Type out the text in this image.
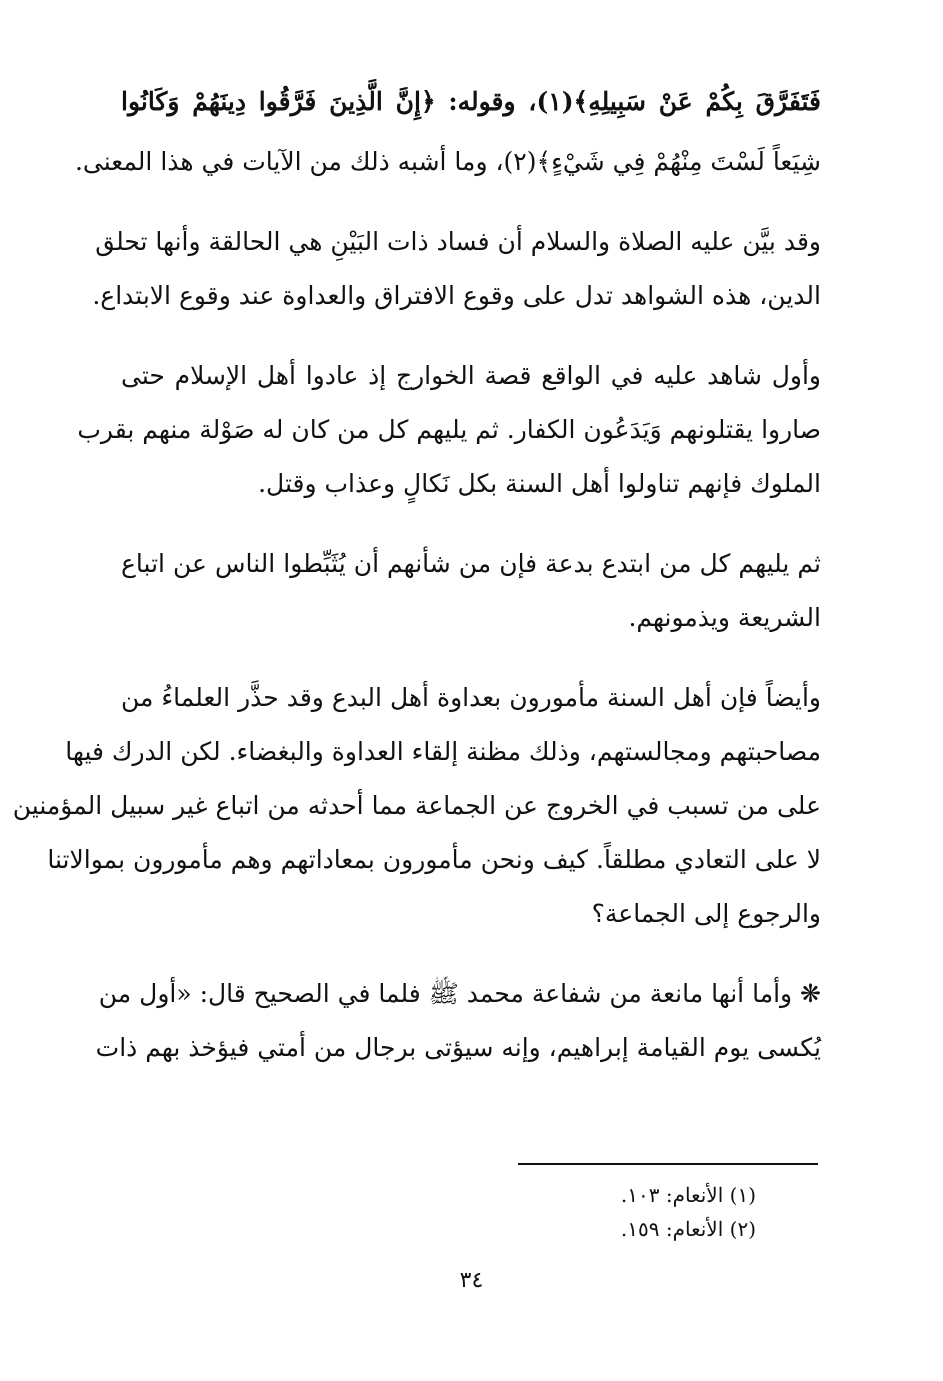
فَتَفَرَّقَ بِكُمْ عَنْ سَبِيلِهِ﴾(١)، وقوله: ﴿إِنَّ الَّذِينَ فَرَّقُوا دِينَهُمْ وَكَانُوا
شِيَعاً لَسْتَ مِنْهُمْ فِي شَيْءٍ﴾(٢)، وما أشبه ذلك من الآيات في هذا المعنى.
وقد بيَّن عليه الصلاة والسلام أن فساد ذات البَيْنِ هي الحالقة وأنها تحلق
الدين، هذه الشواهد تدل على وقوع الافتراق والعداوة عند وقوع الابتداع.
وأول شاهد عليه في الواقع قصة الخوارج إذ عادوا أهل الإسلام حتى
صاروا يقتلونهم وَيَدَعُون الكفار. ثم يليهم كل من كان له صَوْلة منهم بقرب
الملوك فإنهم تناولوا أهل السنة بكل نَكالٍ وعذاب وقتل.
ثم يليهم كل من ابتدع بدعة فإن من شأنهم أن يُثَبِّطوا الناس عن اتباع
الشريعة ويذمونهم.
وأيضاً فإن أهل السنة مأمورون بعداوة أهل البدع وقد حذَّر العلماءُ من
مصاحبتهم ومجالستهم، وذلك مظنة إلقاء العداوة والبغضاء. لكن الدرك فيها
على من تسبب في الخروج عن الجماعة مما أحدثه من اتباع غير سبيل المؤمنين
لا على التعادي مطلقاً. كيف ونحن مأمورون بمعاداتهم وهم مأمورون بموالاتنا
والرجوع إلى الجماعة؟
❋ وأما أنها مانعة من شفاعة محمد ﷺ فلما في الصحيح قال: «أول من
يُكسى يوم القيامة إبراهيم، وإنه سيؤتى برجال من أمتي فيؤخذ بهم ذات
(١) الأنعام: ١٠٣.
(٢) الأنعام: ١٥٩.
٣٤
